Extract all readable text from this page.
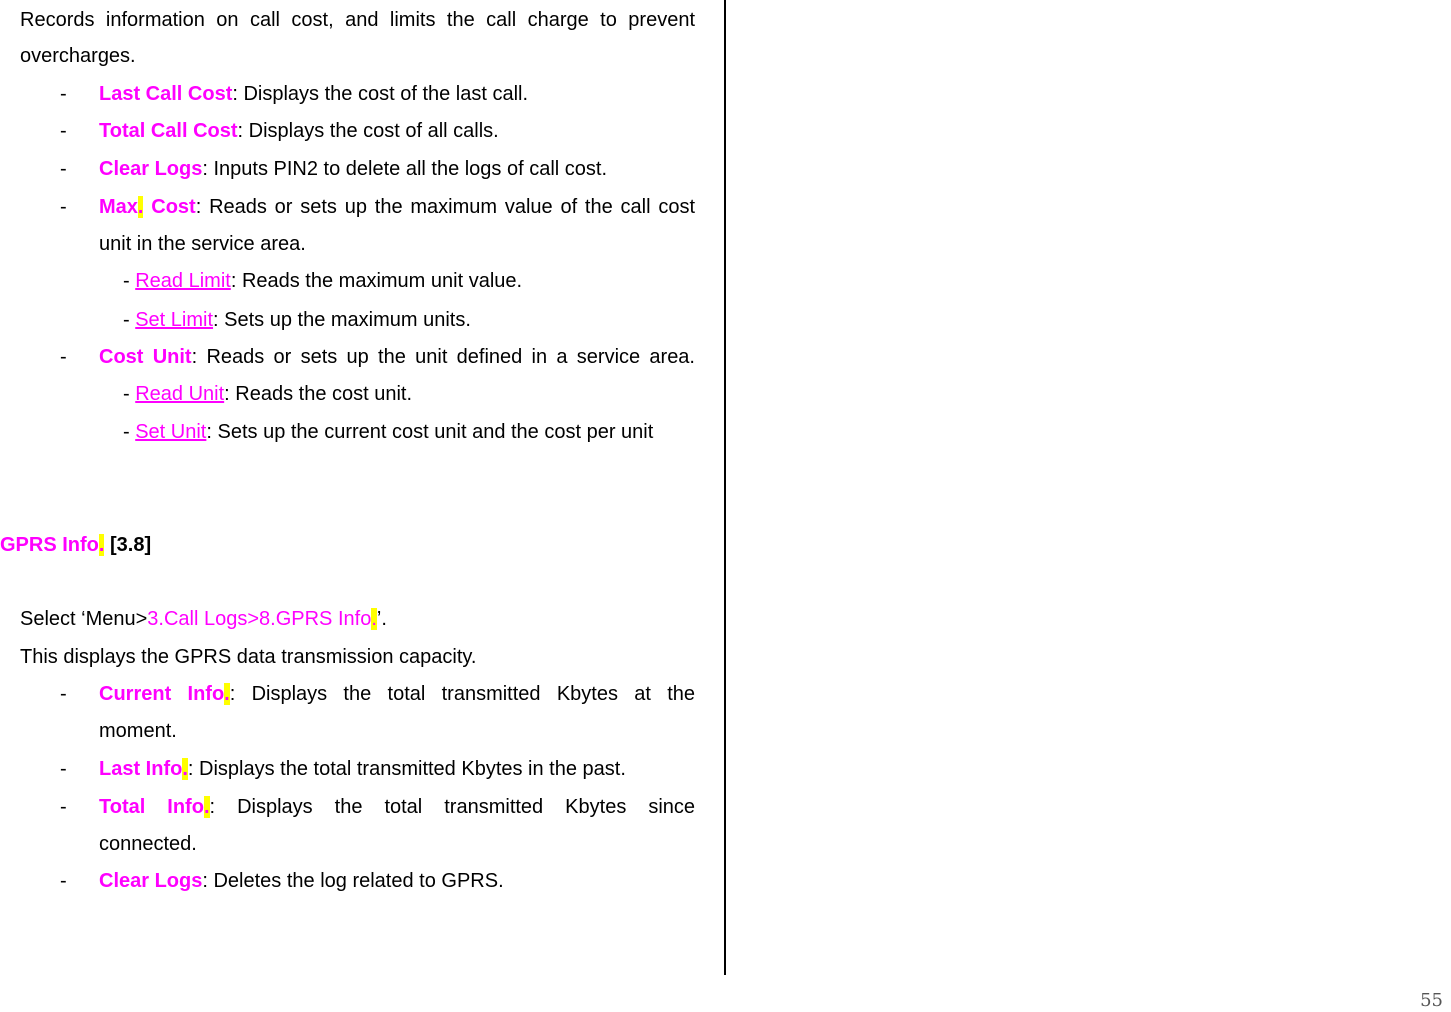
Records information on call cost, and limits the call charge to prevent
overcharges.
- Last Call Cost: Displays the cost of the last call.
- Total Call Cost: Displays the cost of all calls.
- Clear Logs: Inputs PIN2 to delete all the logs of call cost.
- Max. Cost: Reads or sets up the maximum value of the call cost
unit in the service area.
- Read Limit: Reads the maximum unit value.
- Set Limit: Sets up the maximum units.
- Cost Unit: Reads or sets up the unit defined in a service area.
- Read Unit: Reads the cost unit.
- Set Unit: Sets up the current cost unit and the cost per unit
GPRS Info. [3.8]
Select ‘Menu>3.Call Logs>8.GPRS Info.’.
This displays the GPRS data transmission capacity.
- Current Info.: Displays the total transmitted Kbytes at the
moment.
- Last Info.: Displays the total transmitted Kbytes in the past.
- Total Info.: Displays the total transmitted Kbytes since
connected.
- Clear Logs: Deletes the log related to GPRS.
55
